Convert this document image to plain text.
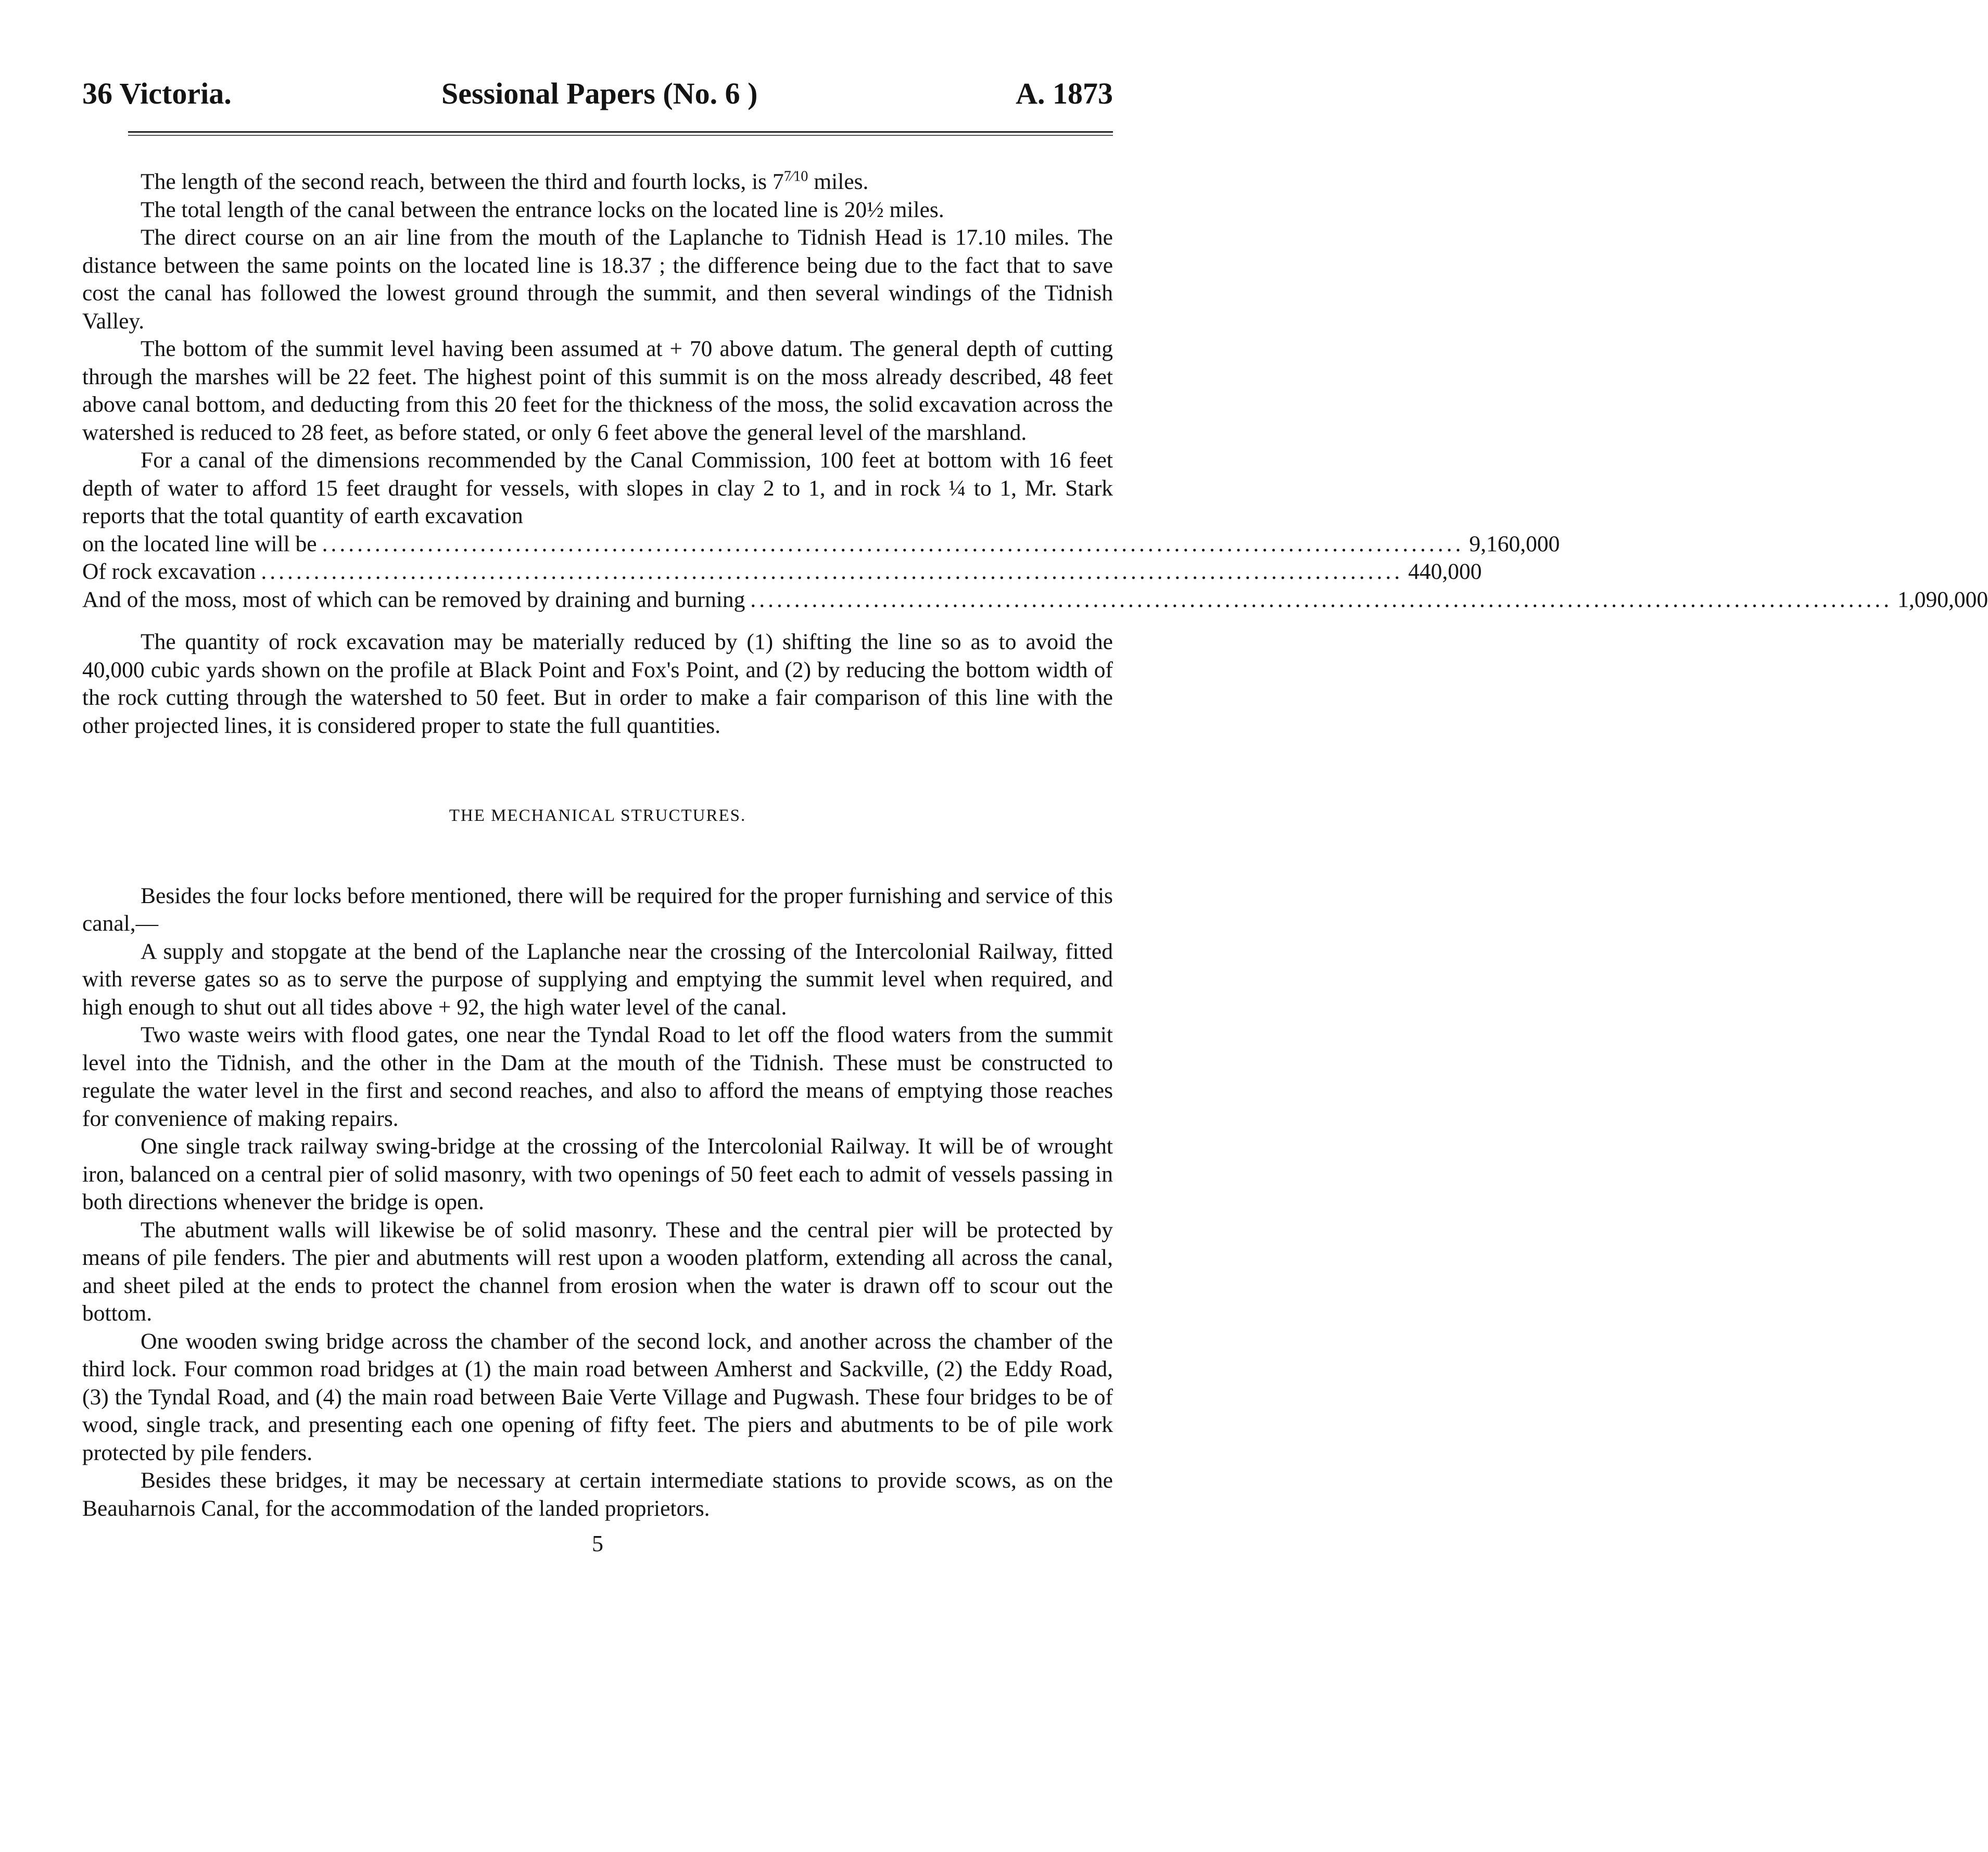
36 Victoria.	Sessional Papers (No. 6 )	A. 1873

The length of the second reach, between the third and fourth locks, is $7^{7⁄10}$ miles.

The total length of the canal between the entrance locks on the located line is 20½ miles.

The direct course on an air line from the mouth of the Laplanche to Tidnish Head is 17.10 miles. The distance between the same points on the located line is 18.37 ; the difference being due to the fact that to save cost the canal has followed the lowest ground through the summit, and then several windings of the Tidnish Valley.

The bottom of the summit level having been assumed at + 70 above datum. The general depth of cutting through the marshes will be 22 feet. The highest point of this summit is on the moss already described, 48 feet above canal bottom, and deducting from this 20 feet for the thickness of the moss, the solid excavation across the watershed is reduced to 28 feet, as before stated, or only 6 feet above the general level of the marshland.

For a canal of the dimensions recommended by the Canal Commission, 100 feet at bottom with 16 feet depth of water to afford 15 feet draught for vessels, with slopes in clay 2 to 1, and in rock ¼ to 1, Mr. Stark reports that the total quantity of earth excavation

on the located line will be .................................................................................................................................. 9,160,000
Of rock excavation .................................................................................................................................. 440,000
And of the moss, most of which can be removed by draining and burning .................................................................................................................................. 1,090,000

The quantity of rock excavation may be materially reduced by (1) shifting the line so as to avoid the 40,000 cubic yards shown on the profile at Black Point and Fox's Point, and (2) by reducing the bottom width of the rock cutting through the watershed to 50 feet. But in order to make a fair comparison of this line with the other projected lines, it is considered proper to state the full quantities.

THE MECHANICAL STRUCTURES.

Besides the four locks before mentioned, there will be required for the proper furnishing and service of this canal,—

A supply and stopgate at the bend of the Laplanche near the crossing of the Intercolonial Railway, fitted with reverse gates so as to serve the purpose of supplying and emptying the summit level when required, and high enough to shut out all tides above + 92, the high water level of the canal.

Two waste weirs with flood gates, one near the Tyndal Road to let off the flood waters from the summit level into the Tidnish, and the other in the Dam at the mouth of the Tidnish. These must be constructed to regulate the water level in the first and second reaches, and also to afford the means of emptying those reaches for convenience of making repairs.

One single track railway swing-bridge at the crossing of the Intercolonial Railway. It will be of wrought iron, balanced on a central pier of solid masonry, with two openings of 50 feet each to admit of vessels passing in both directions whenever the bridge is open.

The abutment walls will likewise be of solid masonry. These and the central pier will be protected by means of pile fenders. The pier and abutments will rest upon a wooden platform, extending all across the canal, and sheet piled at the ends to protect the channel from erosion when the water is drawn off to scour out the bottom.

One wooden swing bridge across the chamber of the second lock, and another across the chamber of the third lock. Four common road bridges at (1) the main road between Amherst and Sackville, (2) the Eddy Road, (3) the Tyndal Road, and (4) the main road between Baie Verte Village and Pugwash. These four bridges to be of wood, single track, and presenting each one opening of fifty feet. The piers and abutments to be of pile work protected by pile fenders.

Besides these bridges, it may be necessary at certain intermediate stations to provide scows, as on the Beauharnois Canal, for the accommodation of the landed proprietors.

5
